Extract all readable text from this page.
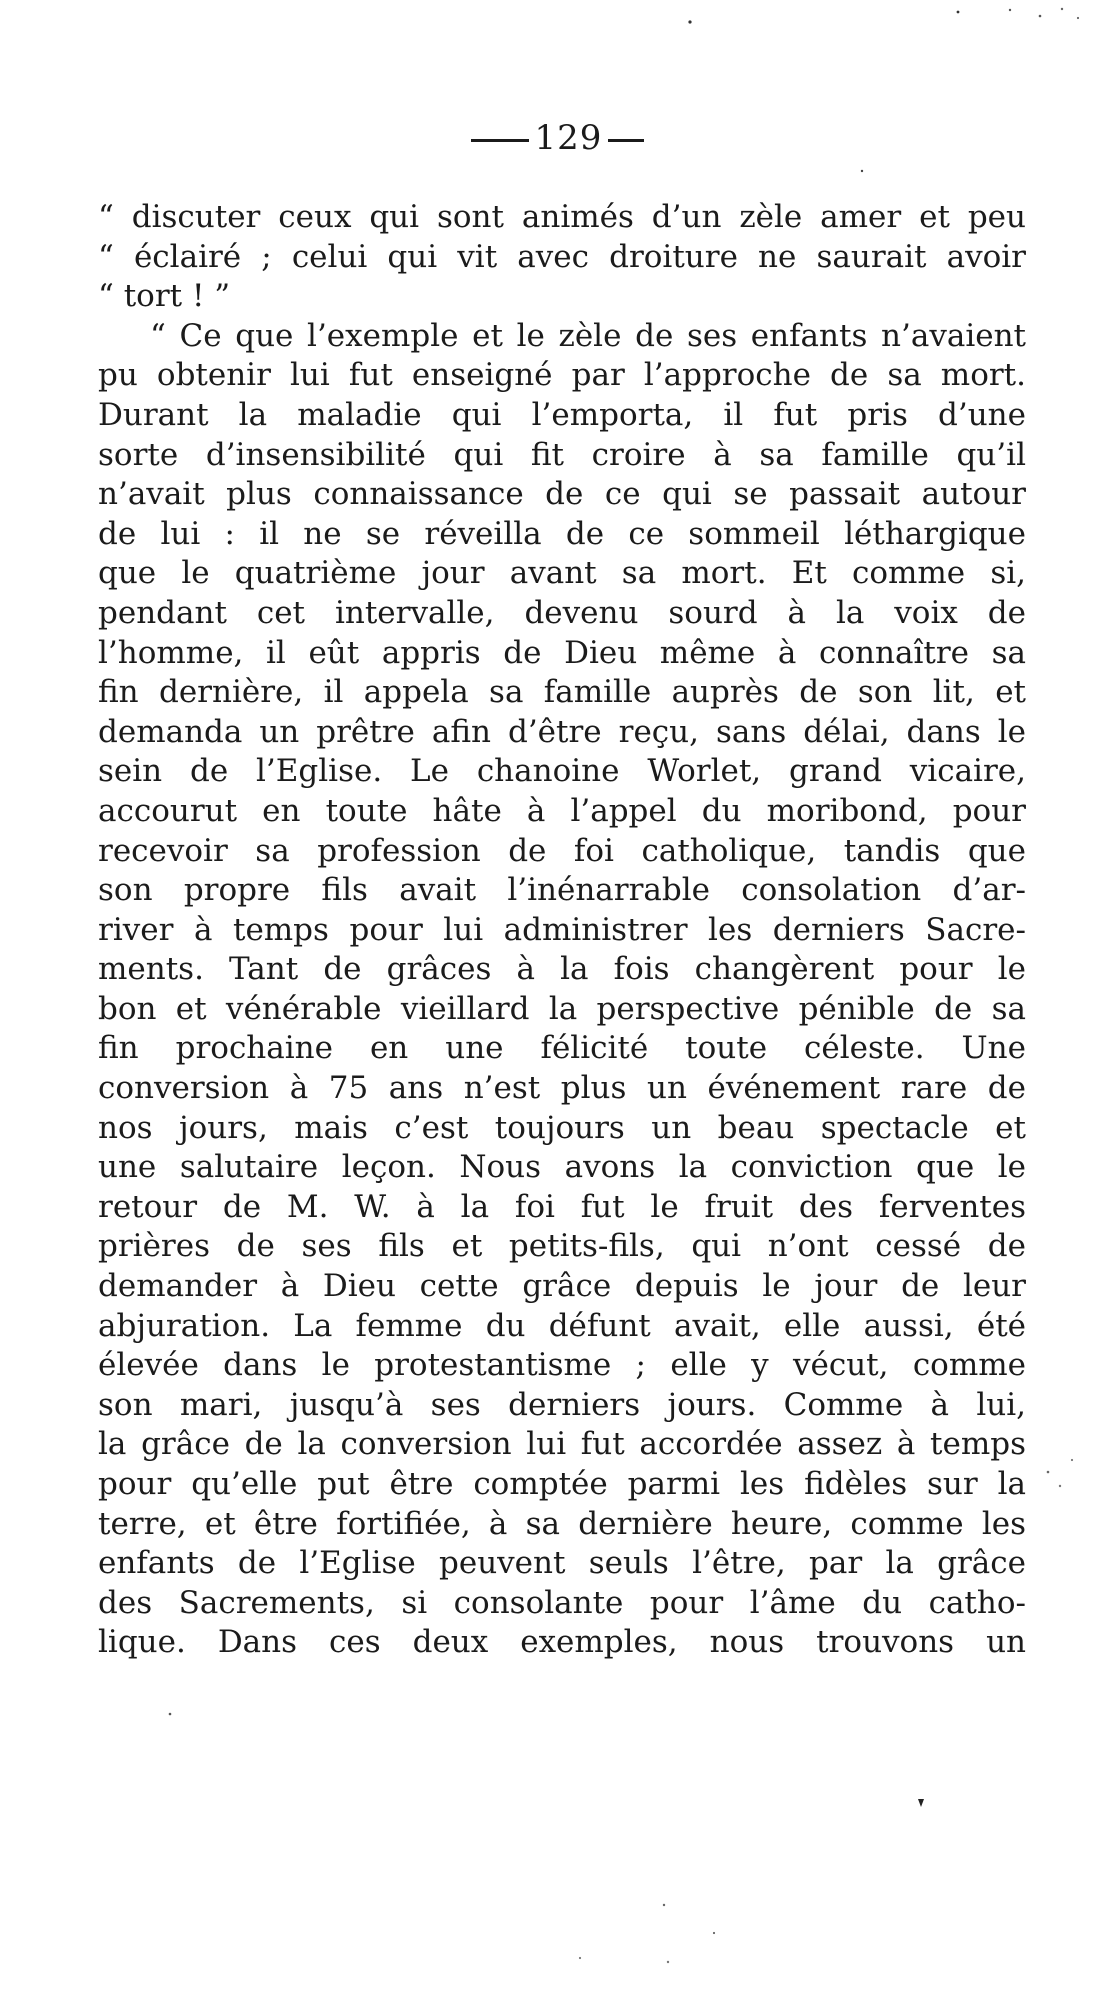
129
“ discuter ceux qui sont animés d’un zèle amer et peu
“ éclairé ; celui qui vit avec droiture ne saurait avoir
“ tort ! ”
“ Ce que l’exemple et le zèle de ses enfants n’avaient
pu obtenir lui fut enseigné par l’approche de sa mort.
Durant la maladie qui l’emporta, il fut pris d’une
sorte d’insensibilité qui fit croire à sa famille qu’il
n’avait plus connaissance de ce qui se passait autour
de lui : il ne se réveilla de ce sommeil léthargique
que le quatrième jour avant sa mort. Et comme si,
pendant cet intervalle, devenu sourd à la voix de
l’homme, il eût appris de Dieu même à connaître sa
fin dernière, il appela sa famille auprès de son lit, et
demanda un prêtre afin d’être reçu, sans délai, dans le
sein de l’Eglise. Le chanoine Worlet, grand vicaire,
accourut en toute hâte à l’appel du moribond, pour
recevoir sa profession de foi catholique, tandis que
son propre fils avait l’inénarrable consolation d’ar-
river à temps pour lui administrer les derniers Sacre-
ments. Tant de grâces à la fois changèrent pour le
bon et vénérable vieillard la perspective pénible de sa
fin prochaine en une félicité toute céleste. Une
conversion à 75 ans n’est plus un événement rare de
nos jours, mais c’est toujours un beau spectacle et
une salutaire leçon. Nous avons la conviction que le
retour de M. W. à la foi fut le fruit des ferventes
prières de ses fils et petits-fils, qui n’ont cessé de
demander à Dieu cette grâce depuis le jour de leur
abjuration. La femme du défunt avait, elle aussi, été
élevée dans le protestantisme ; elle y vécut, comme
son mari, jusqu’à ses derniers jours. Comme à lui,
la grâce de la conversion lui fut accordée assez à temps
pour qu’elle put être comptée parmi les fidèles sur la
terre, et être fortifiée, à sa dernière heure, comme les
enfants de l’Eglise peuvent seuls l’être, par la grâce
des Sacrements, si consolante pour l’âme du catho-
lique. Dans ces deux exemples, nous trouvons un
